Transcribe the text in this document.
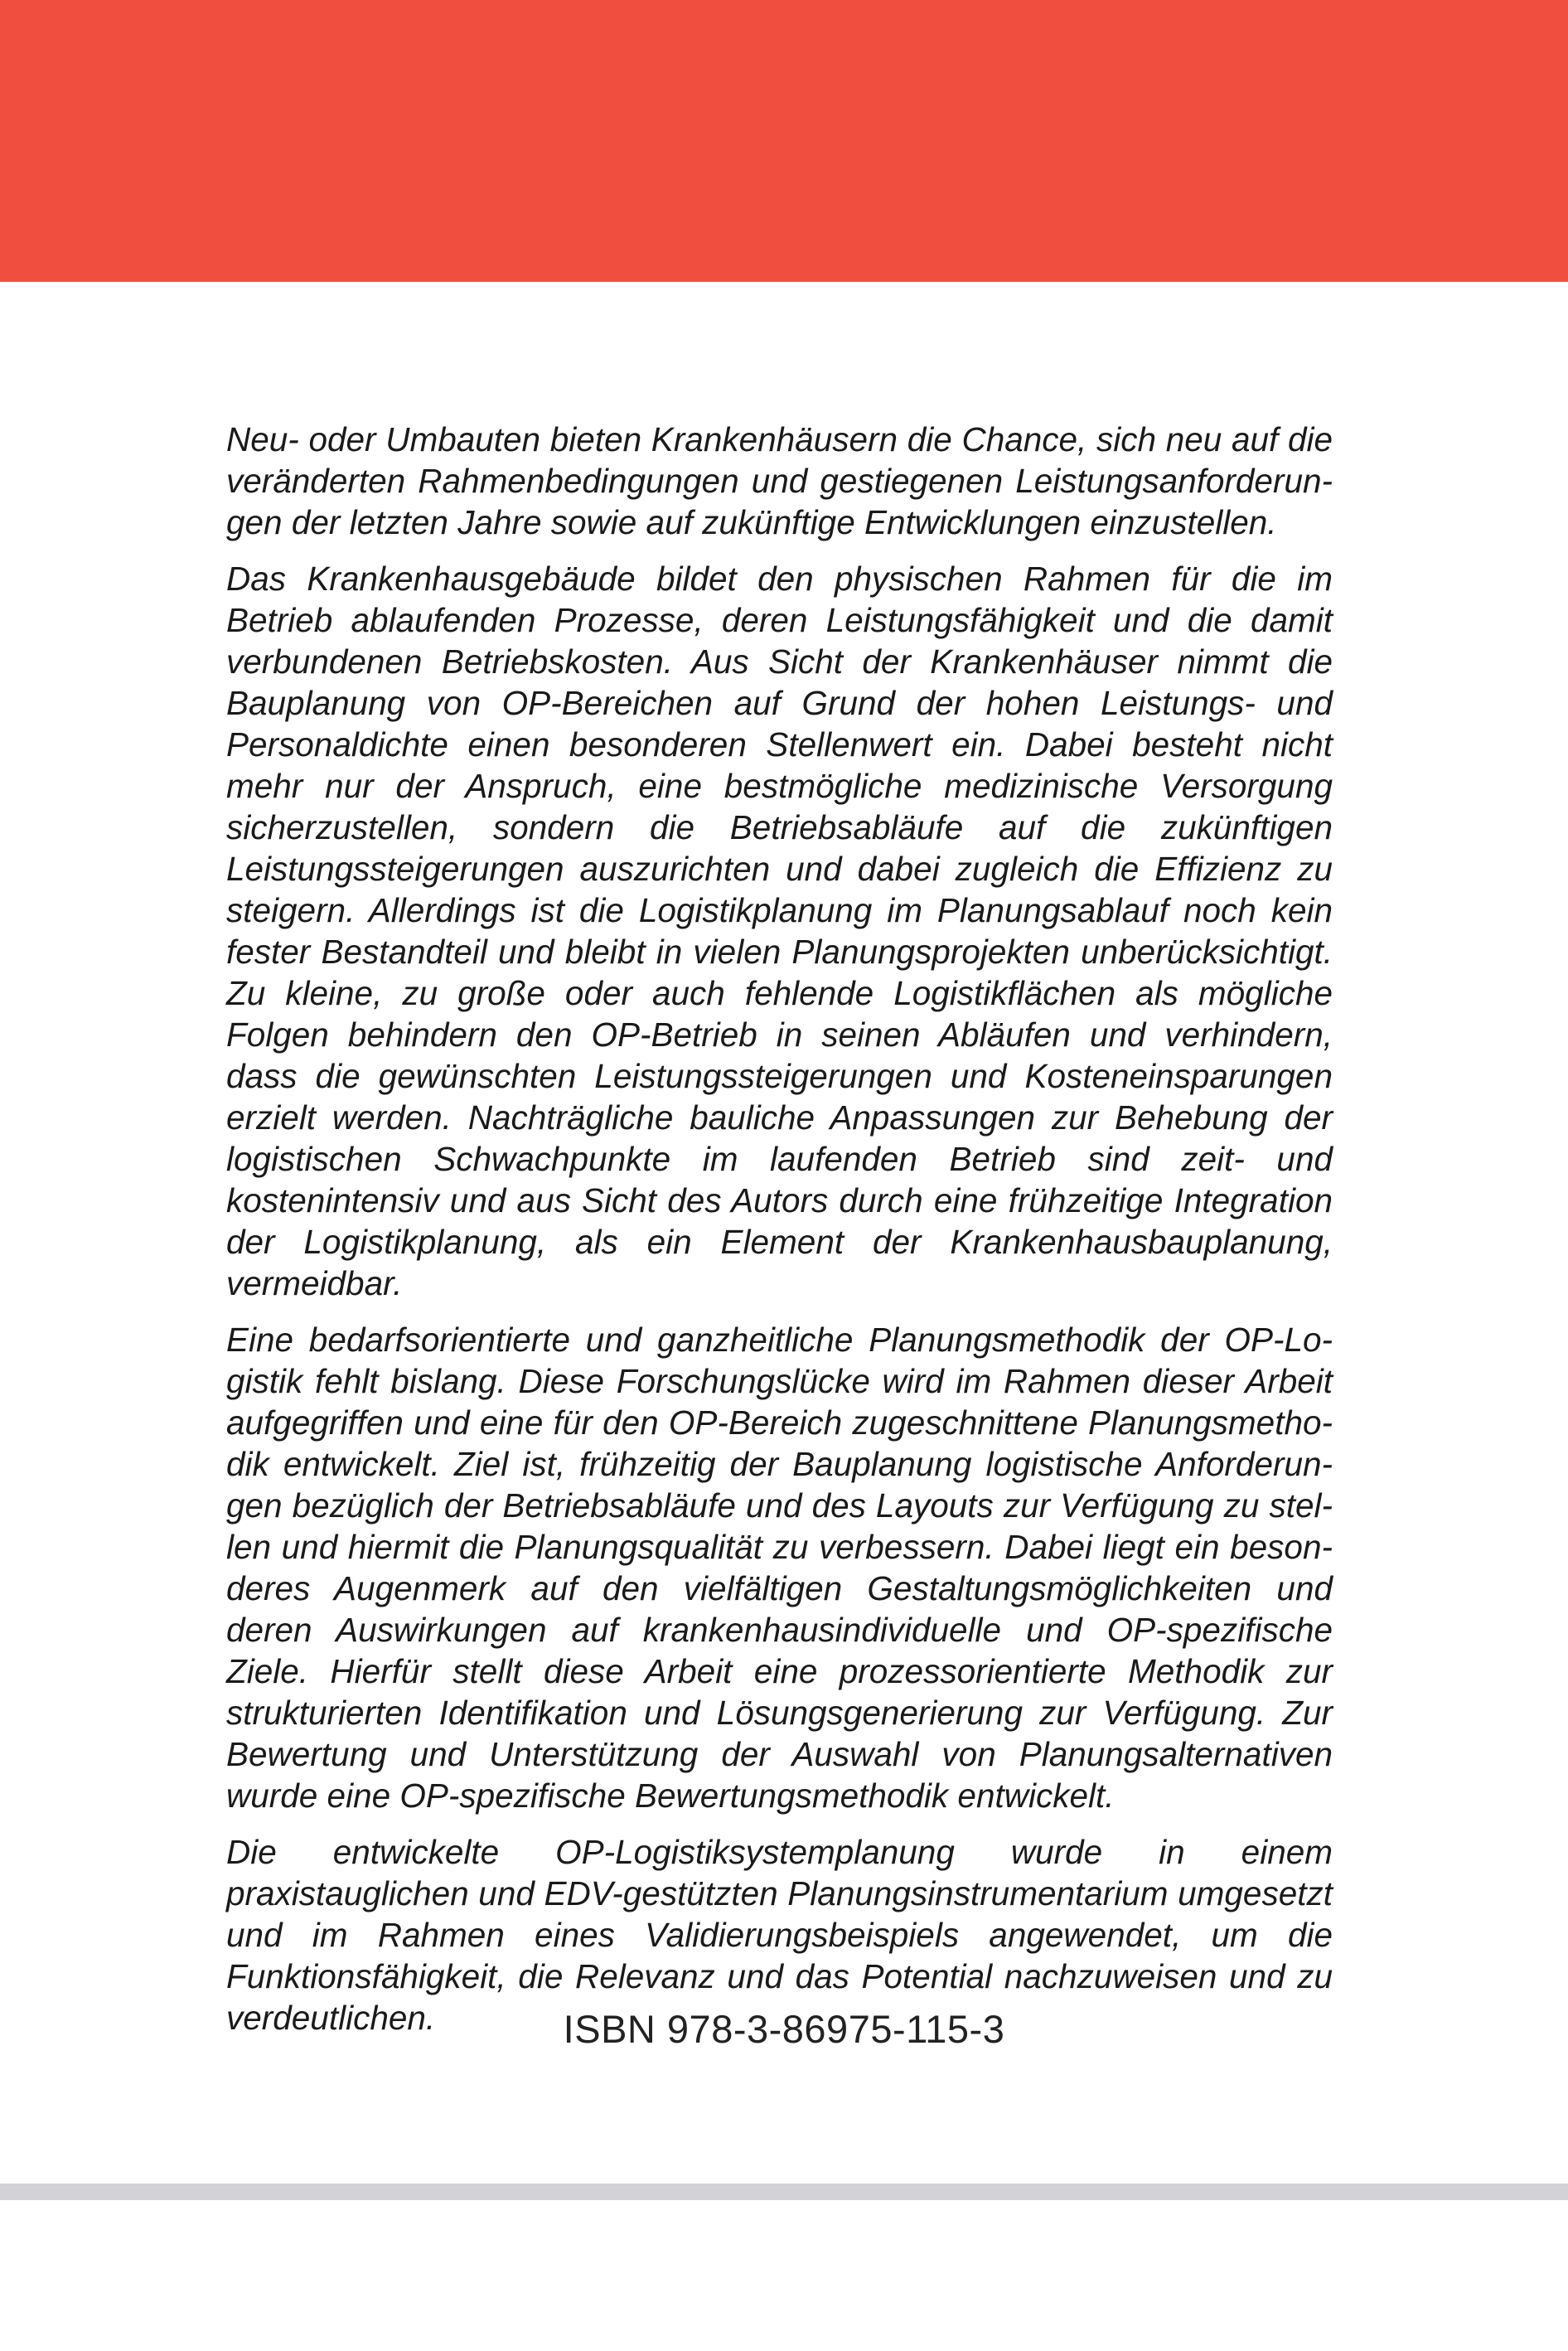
Neu- oder Umbauten bieten Krankenhäusern die Chance, sich neu auf die veränderten Rahmenbedingungen und gestiegenen Leistungsanforderungen der letzten Jahre sowie auf zukünftige Entwicklungen einzustellen.

Das Krankenhausgebäude bildet den physischen Rahmen für die im Betrieb ablaufenden Prozesse, deren Leistungsfähigkeit und die damit verbundenen Betriebskosten. Aus Sicht der Krankenhäuser nimmt die Bauplanung von OP-Bereichen auf Grund der hohen Leistungs- und Personaldichte einen besonderen Stellenwert ein. Dabei besteht nicht mehr nur der Anspruch, eine bestmögliche medizinische Versorgung sicherzustellen, sondern die Betriebsabläufe auf die zukünftigen Leistungssteigerungen auszurichten und dabei zugleich die Effizienz zu steigern. Allerdings ist die Logistikplanung im Planungsablauf noch kein fester Bestandteil und bleibt in vielen Planungsprojekten unberücksichtigt. Zu kleine, zu große oder auch fehlende Logistikflächen als mögliche Folgen behindern den OP-Betrieb in seinen Abläufen und verhindern, dass die gewünschten Leistungssteigerungen und Kosteneinsparungen erzielt werden. Nachträgliche bauliche Anpassungen zur Behebung der logistischen Schwachpunkte im laufenden Betrieb sind zeit- und kostenintensiv und aus Sicht des Autors durch eine frühzeitige Integration der Logistikplanung, als ein Element der Krankenhausbauplanung, vermeidbar.

Eine bedarfsorientierte und ganzheitliche Planungsmethodik der OP-Logistik fehlt bislang. Diese Forschungslücke wird im Rahmen dieser Arbeit aufgegriffen und eine für den OP-Bereich zugeschnittene Planungsmethodik entwickelt. Ziel ist, frühzeitig der Bauplanung logistische Anforderungen bezüglich der Betriebsabläufe und des Layouts zur Verfügung zu stellen und hiermit die Planungsqualität zu verbessern. Dabei liegt ein besonderes Augenmerk auf den vielfältigen Gestaltungsmöglichkeiten und deren Auswirkungen auf krankenhausindividuelle und OP-spezifische Ziele. Hierfür stellt diese Arbeit eine prozessorientierte Methodik zur strukturierten Identifikation und Lösungsgenerierung zur Verfügung. Zur Bewertung und Unterstützung der Auswahl von Planungsalternativen wurde eine OP-spezifische Bewertungsmethodik entwickelt.

Die entwickelte OP-Logistiksystemplanung wurde in einem praxistauglichen und EDV-gestützten Planungsinstrumentarium umgesetzt und im Rahmen eines Validierungsbeispiels angewendet, um die Funktionsfähigkeit, die Relevanz und das Potential nachzuweisen und zu verdeutlichen.	ISBN 978-3-86975-115-3
